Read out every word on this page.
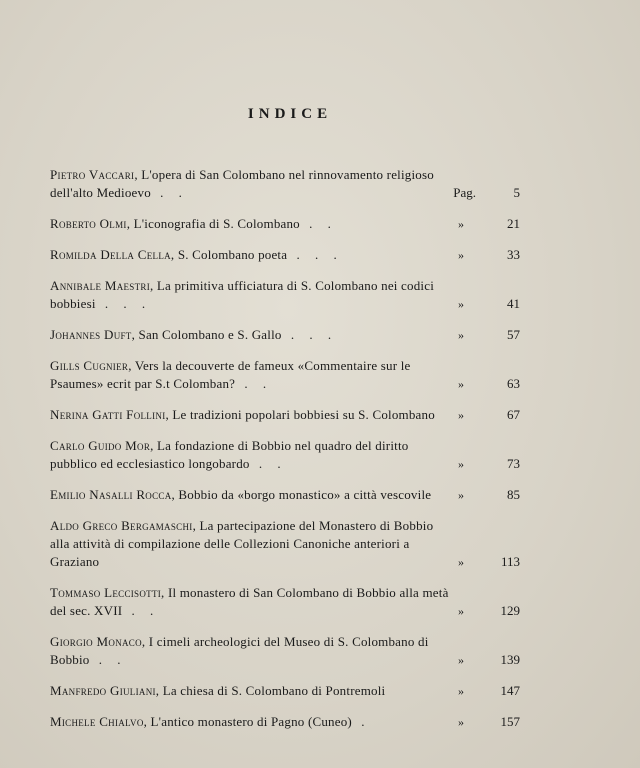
INDICE
Pietro Vaccari, L'opera di San Colombano nel rinnovamento religioso dell'alto Medioevo . .	Pag.	5
Roberto Olmi, L'iconografia di S. Colombano . .	»	21
Romilda Della Cella, S. Colombano poeta . . .	»	33
Annibale Maestri, La primitiva ufficiatura di S. Colombano nei codici bobbiesi . . .	»	41
Johannes Duft, San Colombano e S. Gallo . . .	»	57
Gills Cugnier, Vers la decouverte de fameux «Commentaire sur le Psaumes» ecrit par S.t Colomban? . .	»	63
Nerina Gatti Follini, Le tradizioni popolari bobbiesi su S. Colombano	»	67
Carlo Guido Mor, La fondazione di Bobbio nel quadro del diritto pubblico ed ecclesiastico longobardo . .	»	73
Emilio Nasalli Rocca, Bobbio da «borgo monastico» a città vescovile	»	85
Aldo Greco Bergamaschi, La partecipazione del Monastero di Bobbio alla attività di compilazione delle Collezioni Canoniche anteriori a Graziano	»	113
Tommaso Leccisotti, Il monastero di San Colombano di Bobbio alla metà del sec. XVII . .	»	129
Giorgio Monaco, I cimeli archeologici del Museo di S. Colombano di Bobbio . .	»	139
Manfredo Giuliani, La chiesa di S. Colombano di Pontremoli	»	147
Michele Chialvo, L'antico monastero di Pagno (Cuneo) .	»	157
